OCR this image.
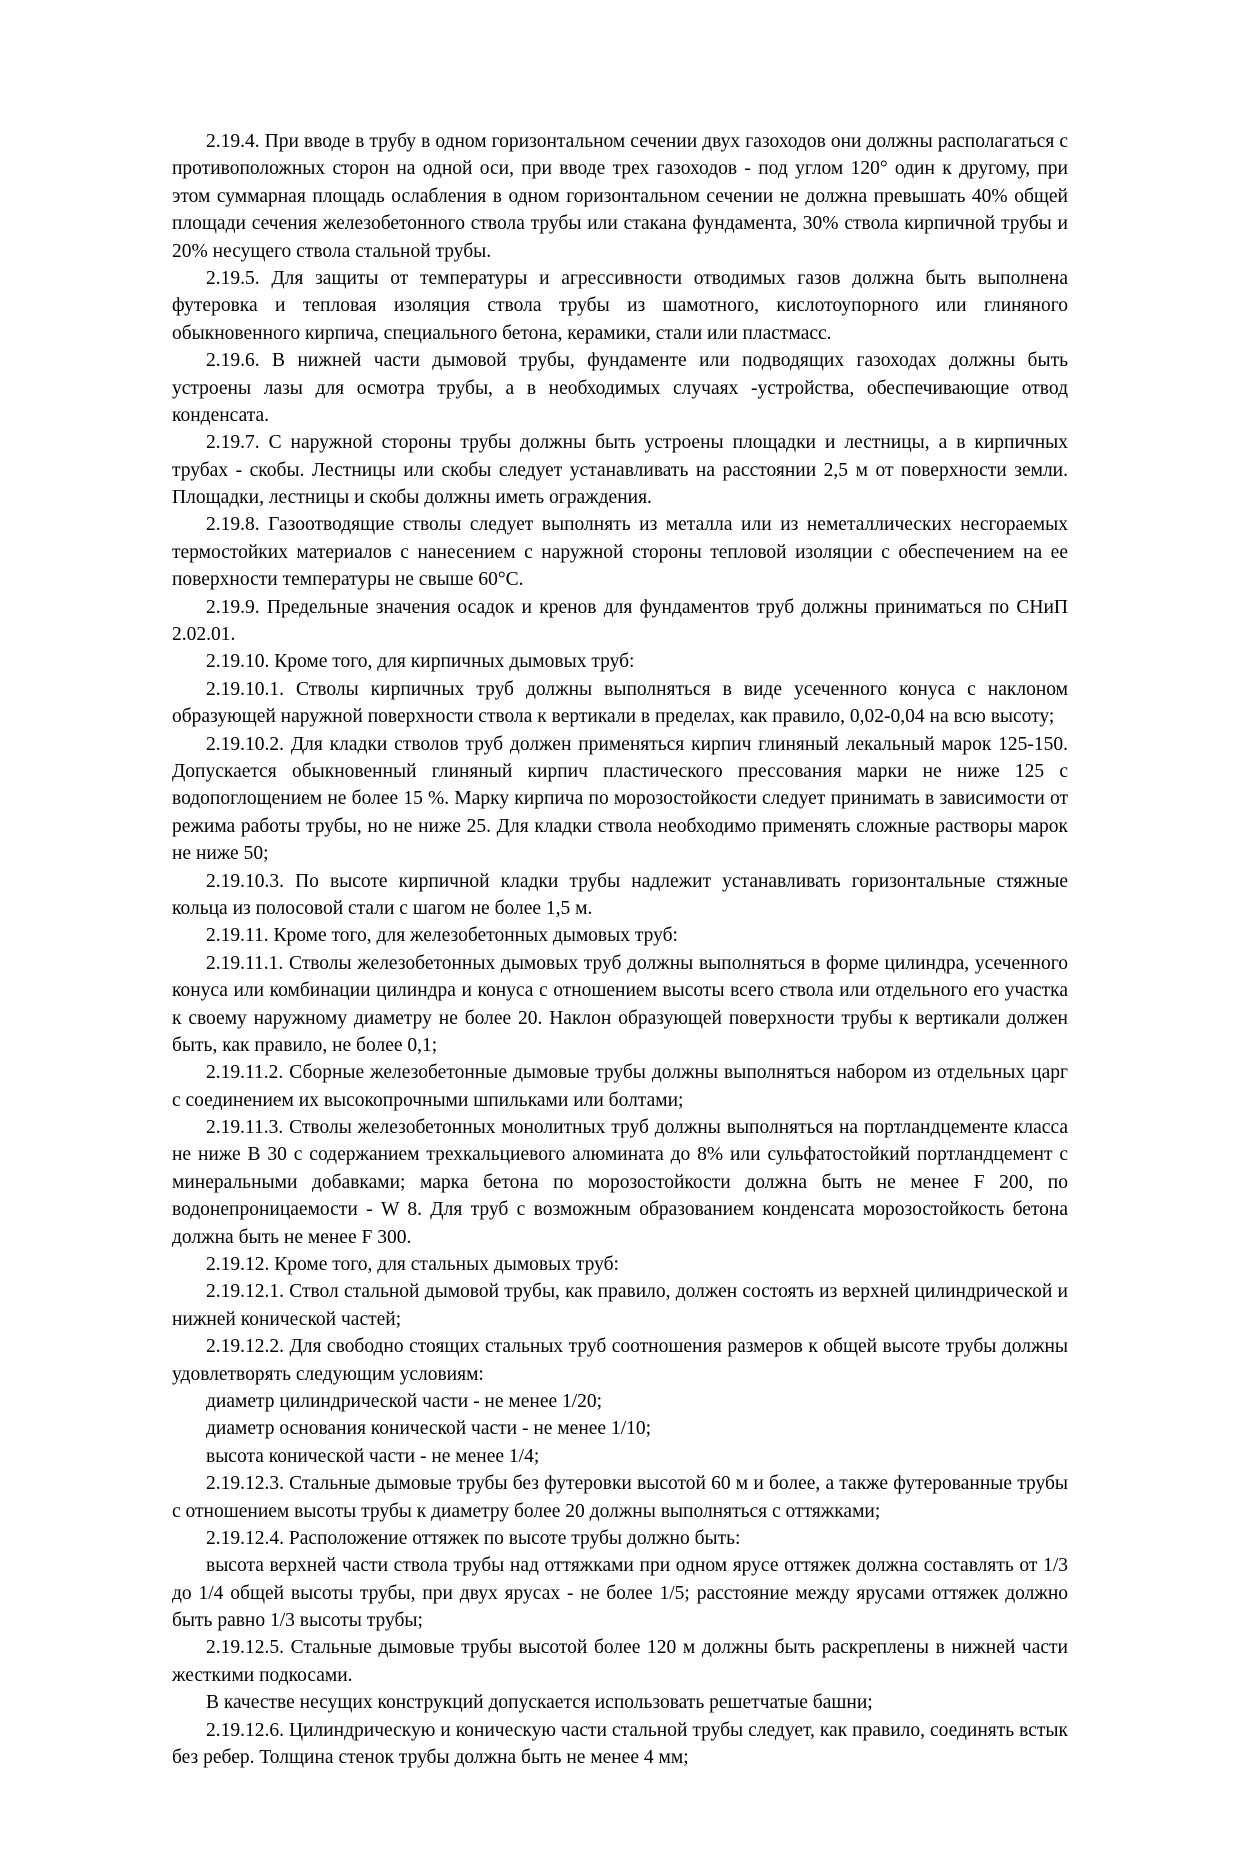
2.19.4. При вводе в трубу в одном горизонтальном сечении двух газоходов они должны располагаться с противоположных сторон на одной оси, при вводе трех газоходов - под углом 120° один к другому, при этом суммарная площадь ослабления в одном горизонтальном сечении не должна превышать 40% общей площади сечения железобетонного ствола трубы или стакана фундамента, 30% ствола кирпичной трубы и 20% несущего ствола стальной трубы.

2.19.5. Для защиты от температуры и агрессивности отводимых газов должна быть выполнена футеровка и тепловая изоляция ствола трубы из шамотного, кислотоупорного или глиняного обыкновенного кирпича, специального бетона, керамики, стали или пластмасс.

2.19.6. В нижней части дымовой трубы, фундаменте или подводящих газоходах должны быть устроены лазы для осмотра трубы, а в необходимых случаях -устройства, обеспечивающие отвод конденсата.

2.19.7. С наружной стороны трубы должны быть устроены площадки и лестницы, а в кирпичных трубах - скобы. Лестницы или скобы следует устанавливать на расстоянии 2,5 м от поверхности земли. Площадки, лестницы и скобы должны иметь ограждения.

2.19.8. Газоотводящие стволы следует выполнять из металла или из неметаллических несгораемых термостойких материалов с нанесением с наружной стороны тепловой изоляции с обеспечением на ее поверхности температуры не свыше 60°С.

2.19.9. Предельные значения осадок и кренов для фундаментов труб должны приниматься по СНиП 2.02.01.

2.19.10. Кроме того, для кирпичных дымовых труб:

2.19.10.1. Стволы кирпичных труб должны выполняться в виде усеченного конуса с наклоном образующей наружной поверхности ствола к вертикали в пределах, как правило, 0,02-0,04 на всю высоту;

2.19.10.2. Для кладки стволов труб должен применяться кирпич глиняный лекальный марок 125-150. Допускается обыкновенный глиняный кирпич пластического прессования марки не ниже 125 с водопоглощением не более 15 %. Марку кирпича по морозостойкости следует принимать в зависимости от режима работы трубы, но не ниже 25. Для кладки ствола необходимо применять сложные растворы марок не ниже 50;

2.19.10.3. По высоте кирпичной кладки трубы надлежит устанавливать горизонтальные стяжные кольца из полосовой стали с шагом не более 1,5 м.

2.19.11. Кроме того, для железобетонных дымовых труб:

2.19.11.1. Стволы железобетонных дымовых труб должны выполняться в форме цилиндра, усеченного конуса или комбинации цилиндра и конуса с отношением высоты всего ствола или отдельного его участка к своему наружному диаметру не более 20. Наклон образующей поверхности трубы к вертикали должен быть, как правило, не более 0,1;

2.19.11.2. Сборные железобетонные дымовые трубы должны выполняться набором из отдельных царг с соединением их высокопрочными шпильками или болтами;

2.19.11.3. Стволы железобетонных монолитных труб должны выполняться на портландцементе класса не ниже В 30 с содержанием трехкальциевого алюмината до 8% или сульфатостойкий портландцемент с минеральными добавками; марка бетона по морозостойкости должна быть не менее F 200, по водонепроницаемости - W 8. Для труб с возможным образованием конденсата морозостойкость бетона должна быть не менее F 300.

2.19.12. Кроме того, для стальных дымовых труб:

2.19.12.1. Ствол стальной дымовой трубы, как правило, должен состоять из верхней цилиндрической и нижней конической частей;

2.19.12.2. Для свободно стоящих стальных труб соотношения размеров к общей высоте трубы должны удовлетворять следующим условиям:

диаметр цилиндрической части - не менее 1/20;

диаметр основания конической части - не менее 1/10;

высота конической части - не менее 1/4;

2.19.12.3. Стальные дымовые трубы без футеровки высотой 60 м и более, а также футерованные трубы с отношением высоты трубы к диаметру более 20 должны выполняться с оттяжками;

2.19.12.4. Расположение оттяжек по высоте трубы должно быть:

высота верхней части ствола трубы над оттяжками при одном ярусе оттяжек должна составлять от 1/3 до 1/4 общей высоты трубы, при двух ярусах - не более 1/5; расстояние между ярусами оттяжек должно быть равно 1/3 высоты трубы;

2.19.12.5. Стальные дымовые трубы высотой более 120 м должны быть раскреплены в нижней части жесткими подкосами.

В качестве несущих конструкций допускается использовать решетчатые башни;

2.19.12.6. Цилиндрическую и коническую части стальной трубы следует, как правило, соединять встык без ребер. Толщина стенок трубы должна быть не менее 4 мм;
